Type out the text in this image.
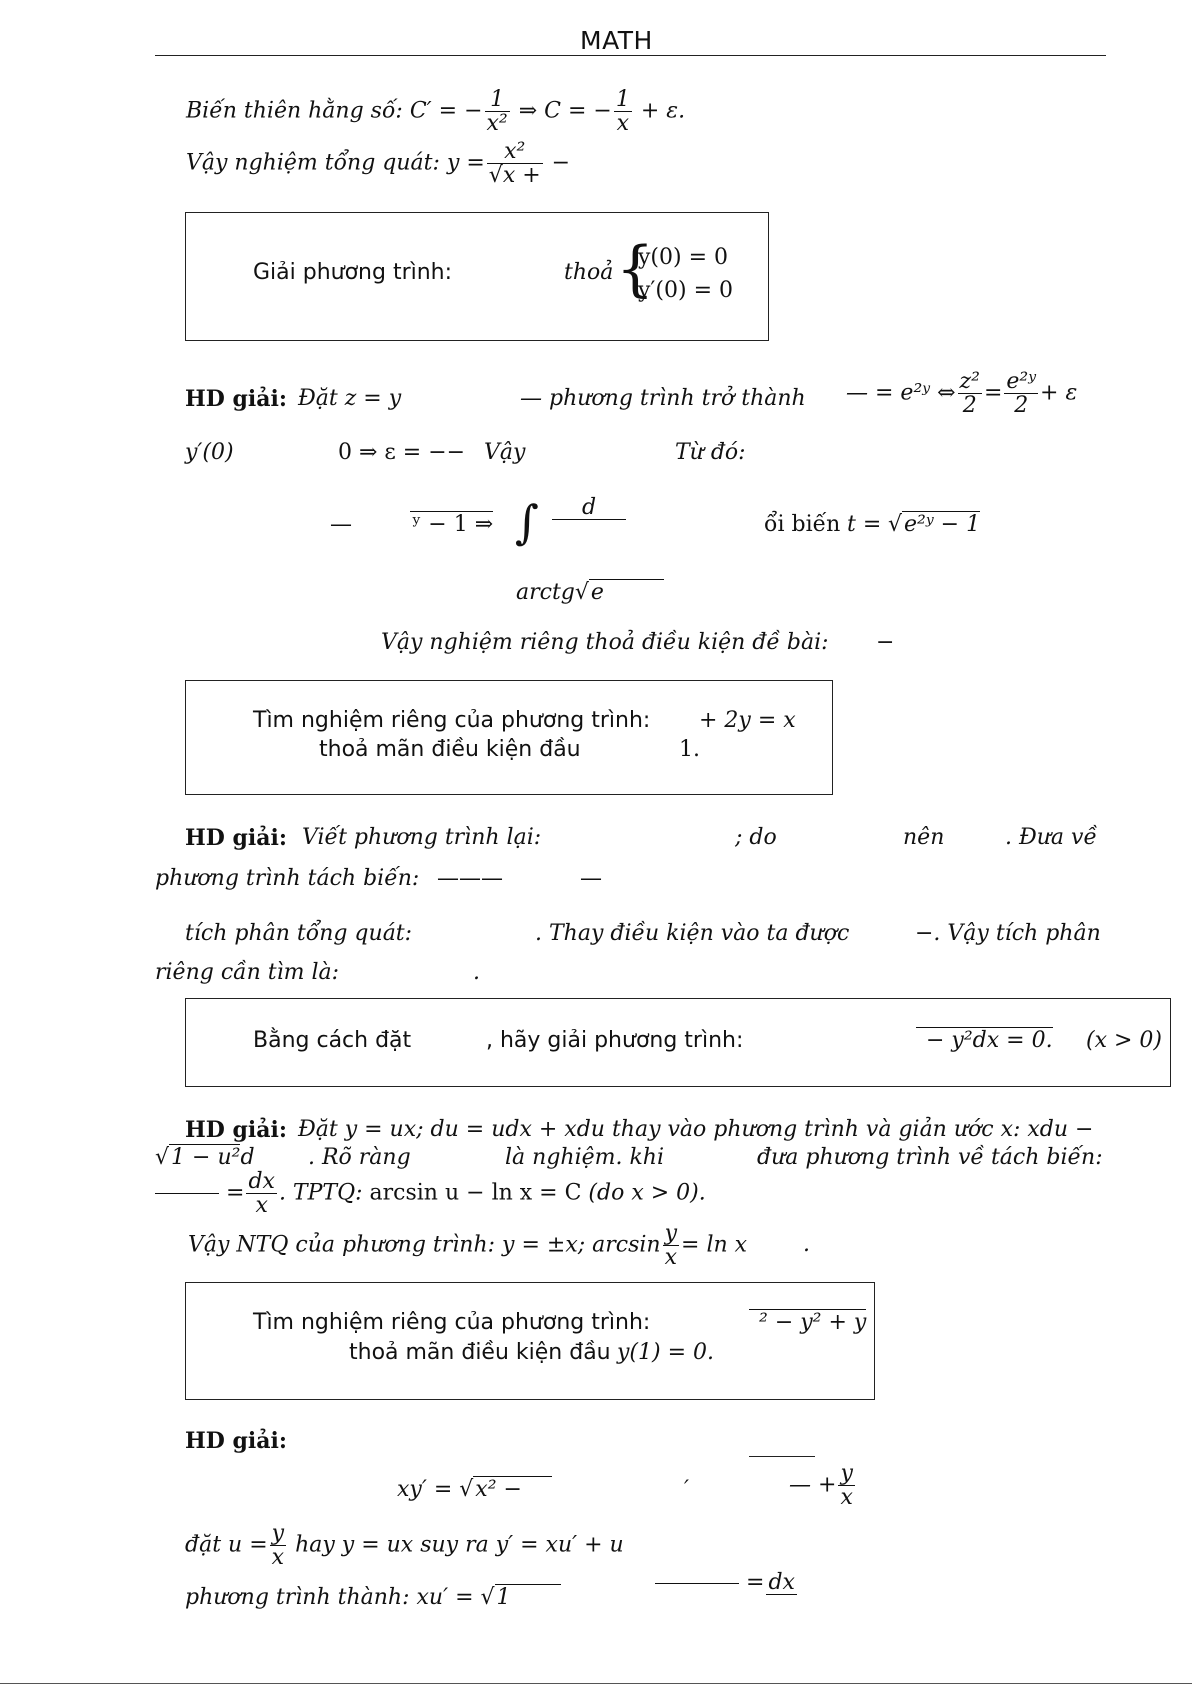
MATH
Biến thiên hằng số: C′ = − $\frac{1}{\text{x²}}$ ⇒ C = − $\frac{1}{x} + \varepsilon$.
Vậy nghiệm tổng quát: $y = \frac{\text{x²}}{√x +}$ −
Giải phương trình:	thoả {
y(0) = 0
y′(0) = 0
HD giải: Đặt z = y	— phương trình trở thành — = e²ʸ ⇔ $\frac{\text{z²}}{2} = \frac{\text{e²ʸ}}{2} + \varepsilon$
y′(0)	0 ⇒ ε = −− Vậy	Từ đó:
—	ʸ − 1 ⇒ ∫	d
ổi biến t = √e²ʸ − 1
arctg√e
Vậy nghiệm riêng thoả điều kiện đề bài: −
Tìm nghiệm riêng của phương trình: + 2y = x
thoả mãn điều kiện đầu	1.
HD giải: Viết phương trình lại:	; do	nên	. Đưa về
phương trình tách biến: ———	—
tích phân tổng quát:	. Thay điều kiện vào ta được	−. Vậy tích phân
riêng cần tìm là:	.
Bằng cách đặt	, hãy giải phương trình:	− y²dx = 0. (x > 0)
HD giải: Đặt y = ux; du = udx + xdu thay vào phương trình và giản ước x: xdu −
√1 − u²d . Rõ ràng	là nghiệm. khi	đưa phương trình về tách biến:
= $\frac{dx}{x}$ . TPTQ: arcsin u − ln x = C (do x > 0).
Vậy NTQ của phương trình: y = ±x; $\arcsin \frac{y}{x} = \ln x$	.
Tìm nghiệm riêng của phương trình:	² − y² + y
thoả mãn điều kiện đầu y(1) = 0.
HD giải:
xy′ = √x² −	′	— + $\frac{y}{x}$
đặt $u = \frac{y}{x}$ hay y = ux suy ra y′ = xu′ + u
phương trình thành: xu′ = √1
= dx
